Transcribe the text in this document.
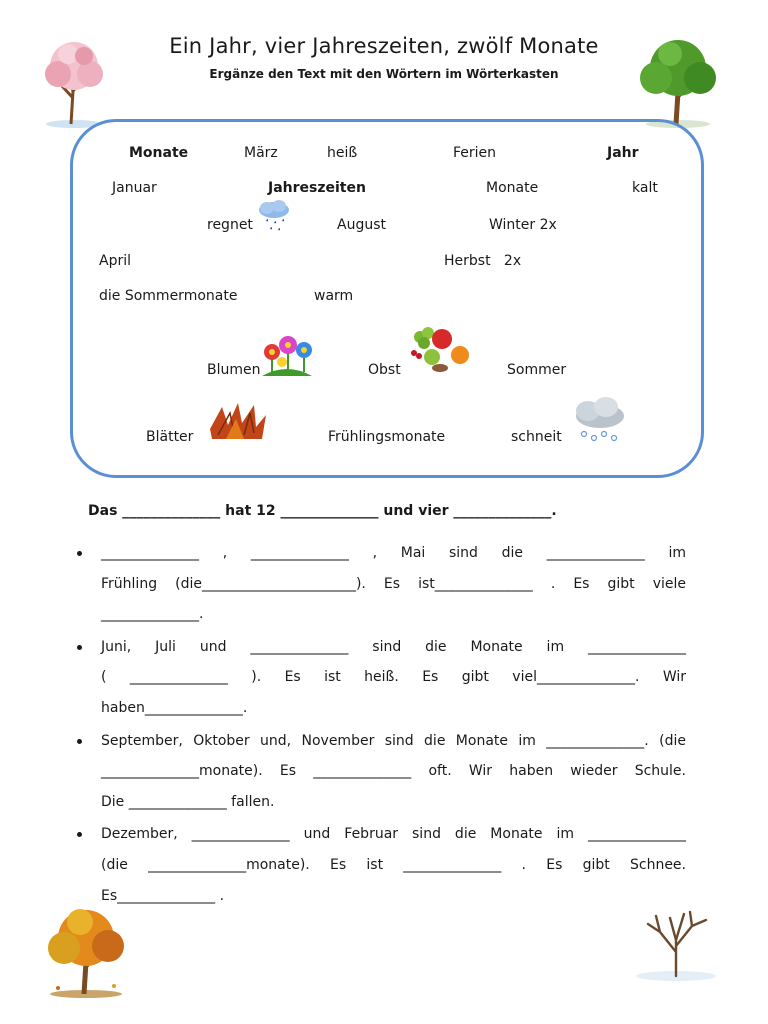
Ein Jahr, vier Jahreszeiten, zwölf Monate
Ergänze den Text mit den Wörtern im Wörterkasten
Monate	März	heiß	Ferien	Jahr
Januar	Jahreszeiten	Monate	kalt
regnet	August	Winter 2x
April	Herbst   2x
die Sommermonate	warm
Blumen	Obst	Sommer
Blätter	Frühlingsmonate	schneit
Das ______________ hat 12 ______________ und vier ______________.

______________ , ______________ , Mai sind die ______________ im

Frühling (die______________________). Es ist______________ . Es gibt viele

______________.

Juni, Juli und ______________ sind die Monate im ______________

( ______________ ). Es ist heiß. Es gibt viel______________. Wir

haben______________.

September, Oktober und, November sind die Monate im ______________. (die

______________monate). Es ______________ oft. Wir haben wieder Schule.

Die ______________ fallen.

Dezember, ______________ und Februar sind die Monate im ______________

(die ______________monate). Es ist ______________ . Es gibt Schnee.

Es______________ .
